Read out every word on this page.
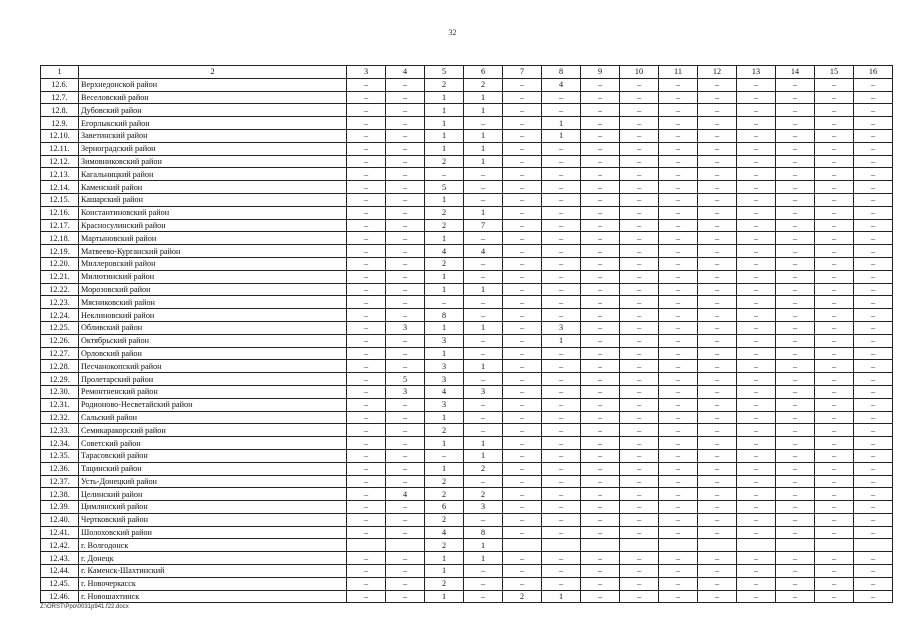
32
1	2	3	4	5	6	7	8	9	10	11	12	13	14	15	16
12.6.	Верхнедонской район	–	–	2	2	–	4	–	–	–	–	–	–	–	–
12.7.	Веселовский район	–	–	1	1	–	–	–	–	–	–	–	–	–	–
12.8.	Дубовский район	–	–	1	1	–	–	–	–	–	–	–	–	–	–
12.9.	Егорлыкский район	–	–	1	–	–	1	–	–	–	–	–	–	–	–
12.10.	Заветинский район	–	–	1	1	–	1	–	–	–	–	–	–	–	–
12.11.	Зерноградский район	–	–	1	1	–	–	–	–	–	–	–	–	–	–
12.12.	Зимовниковский район	–	–	2	1	–	–	–	–	–	–	–	–	–	–
12.13.	Кагальницкий район	–	–	–	–	–	–	–	–	–	–	–	–	–	–
12.14.	Каменский район	–	–	5	–	–	–	–	–	–	–	–	–	–	–
12.15.	Кашарский район	–	–	1	–	–	–	–	–	–	–	–	–	–	–
12.16.	Константиновский район	–	–	2	1	–	–	–	–	–	–	–	–	–	–
12.17.	Красносулинский район	–	–	2	7	–	–	–	–	–	–	–	–	–	–
12.18.	Мартыновский район	–	–	1	–	–	–	–	–	–	–	–	–	–	–
12.19.	Матвеево-Курганский район	–	–	4	4	–	–	–	–	–	–	–	–	–	–
12.20.	Миллеровский район	–	–	2	–	–	–	–	–	–	–	–	–	–	–
12.21.	Милютинский район	–	–	1	–	–	–	–	–	–	–	–	–	–	–
12.22.	Морозовский район	–	–	1	1	–	–	–	–	–	–	–	–	–	–
12.23.	Мясниковский район	–	–	–	–	–	–	–	–	–	–	–	–	–	–
12.24.	Неклиновский район	–	–	8	–	–	–	–	–	–	–	–	–	–	–
12.25.	Обливский район	–	3	1	1	–	3	–	–	–	–	–	–	–	–
12.26.	Октябрьский район	–	–	3	–	–	1	–	–	–	–	–	–	–	–
12.27.	Орловский район	–	–	1	–	–	–	–	–	–	–	–	–	–	–
12.28.	Песчанокопский район	–	–	3	1	–	–	–	–	–	–	–	–	–	–
12.29.	Пролетарский район	–	5	3	–	–	–	–	–	–	–	–	–	–	–
12.30.	Ремонтненский район	–	3	4	3	–	–	–	–	–	–	–	–	–	–
12.31.	Родионово-Несветайский район	–	–	3	–	–	–	–	–	–	–	–	–	–	–
12.32.	Сальский район	–	–	1	–	–	–	–	–	–	–	–	–	–	–
12.33.	Семикаракорский район	–	–	2	–	–	–	–	–	–	–	–	–	–	–
12.34.	Советский район	–	–	1	1	–	–	–	–	–	–	–	–	–	–
12.35.	Тарасовский район	–	–	–	1	–	–	–	–	–	–	–	–	–	–
12.36.	Тацинский район	–	–	1	2	–	–	–	–	–	–	–	–	–	–
12.37.	Усть-Донецкий район	–	–	2	–	–	–	–	–	–	–	–	–	–	–
12.38.	Целинский район	–	4	2	2	–	–	–	–	–	–	–	–	–	–
12.39.	Цимлянский район	–	–	6	3	–	–	–	–	–	–	–	–	–	–
12.40.	Чертковский район	–	–	2	–	–	–	–	–	–	–	–	–	–	–
12.41.	Шолоховский район	–	–	4	8	–	–	–	–	–	–	–	–	–	–
12.42.	г. Волгодонск			2	1										
12.43.	г. Донецк	–	–	1	1	–	–	–	–	–	–	–	–	–	–
12.44.	г. Каменск-Шахтинский	–	–	1	–	–	–	–	–	–	–	–	–	–	–
12.45.	г. Новочеркасск	–	–	2	–	–	–	–	–	–	–	–	–	–	–
12.46.	г. Новошахтинск	–	–	1	–	2	1	–	–	–	–	–	–	–	–
Z:\ORST\Ppo\0031p941.f22.docx
